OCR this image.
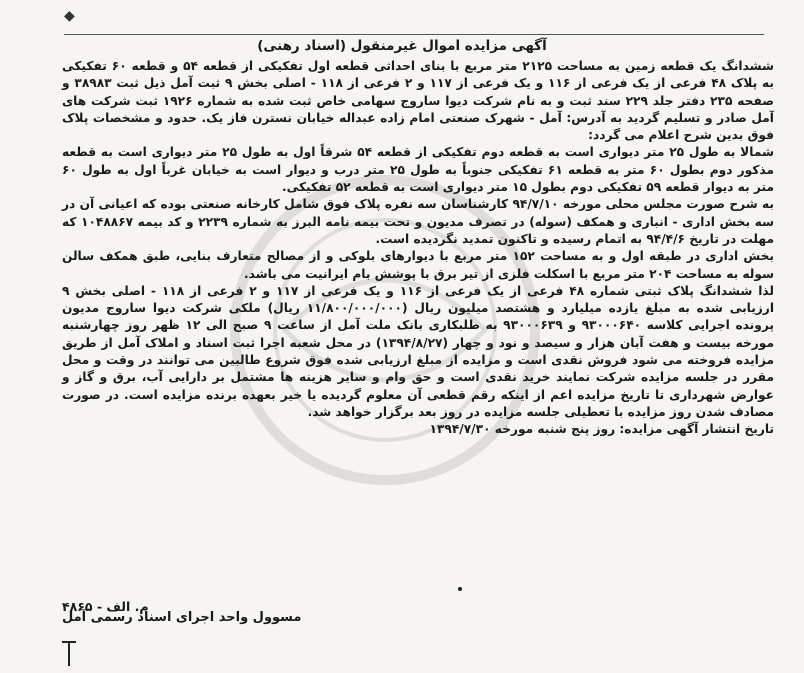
◆
آگهی مزایده اموال غیرمنقول (اسناد رهنی)

ششدانگ یک قطعه زمین به مساحت ۲۱۲۵ متر مربع با بنای احداثی قطعه اول تفکیکی از قطعه ۵۴ و قطعه ۶۰ تفکیکی به پلاک ۴۸ فرعی از یک فرعی از ۱۱۶ و یک فرعی از ۱۱۷ و ۲ فرعی از ۱۱۸ - اصلی بخش ۹ ثبت آمل ذیل ثبت ۳۸۹۸۳ و صفحه ۲۳۵ دفتر جلد ۲۲۹ سند ثبت و به نام شرکت دیوا ساروج سهامی خاص ثبت شده به شماره ۱۹۲۶ ثبت شرکت های آمل صادر و تسلیم گردید به آدرس: آمل - شهرک صنعتی امام زاده عبداله خیابان نسترن فاز یک. حدود و مشخصات پلاک فوق بدین شرح اعلام می گردد:

شمالا به طول ۲۵ متر دیواری است به قطعه دوم تفکیکی از قطعه ۵۴ شرقاً اول به طول ۲۵ متر دیواری است به قطعه مذکور دوم بطول ۶۰ متر به قطعه ۶۱ تفکیکی جنوباً به طول ۲۵ متر درب و دیوار است به خیابان غرباً اول به طول ۶۰ متر به دیوار قطعه ۵۹ تفکیکی دوم بطول ۱۵ متر دیواری است به قطعه ۵۲ تفکیکی.

به شرح صورت مجلس محلی مورخه ۹۴/۷/۱۰ کارشناسان سه نفره پلاک فوق شامل کارخانه صنعتی بوده که اعیانی آن در سه بخش اداری - انباری و همکف (سوله) در تصرف مدیون و تحت بیمه نامه البرز به شماره ۲۲۳۹ و کد بیمه ۱۰۴۸۸۶۷ که مهلت در تاریخ ۹۴/۴/۶ به اتمام رسیده و تاکنون تمدید نگردیده است.

بخش اداری در طبقه اول و به مساحت ۱۵۲ متر مربع با دیوارهای بلوکی و از مصالح متعارف بنایی، طبق همکف سالن سوله به مساحت ۲۰۴ متر مربع با اسکلت فلزی از تیر برق با پوشش بام ایرانیت می باشد.

لذا ششدانگ پلاک ثبتی شماره ۴۸ فرعی از یک فرعی از ۱۱۶ و یک فرعی از ۱۱۷ و ۲ فرعی از ۱۱۸ - اصلی بخش ۹ ارزیابی شده به مبلغ یازده میلیارد و هشتصد میلیون ریال (۱۱/۸۰۰/۰۰۰/۰۰۰ ریال) ملکی شرکت دیوا ساروج مدیون پرونده اجرایی کلاسه ۹۳۰۰۰۶۴۰ و ۹۳۰۰۰۶۳۹ به طلبکاری بانک ملت آمل از ساعت ۹ صبح الی ۱۲ ظهر روز چهارشنبه مورخه بیست و هفت آبان هزار و سیصد و نود و چهار (۱۳۹۴/۸/۲۷) در محل شعبه اجرا ثبت اسناد و املاک آمل از طریق مزایده فروخته می شود فروش نقدی است و مزایده از مبلغ ارزیابی شده فوق شروع طالبین می توانند در وقت و محل مقرر در جلسه مزایده شرکت نمایند خرید نقدی است و حق وام و سایر هزینه ها مشتمل بر دارایی آب، برق و گاز و عوارض شهرداری تا تاریخ مزایده اعم از اینکه رقم قطعی آن معلوم گردیده یا خیر بعهده برنده مزایده است. در صورت مصادف شدن روز مزایده با تعطیلی جلسه مزایده در روز بعد برگزار خواهد شد.

تاریخ انتشار آگهی مزایده: روز پنج شنبه مورخه ۱۳۹۴/۷/۳۰

م. الف - ۴۸۶۵
مسوول واحد اجرای اسناد رسمی آمل
